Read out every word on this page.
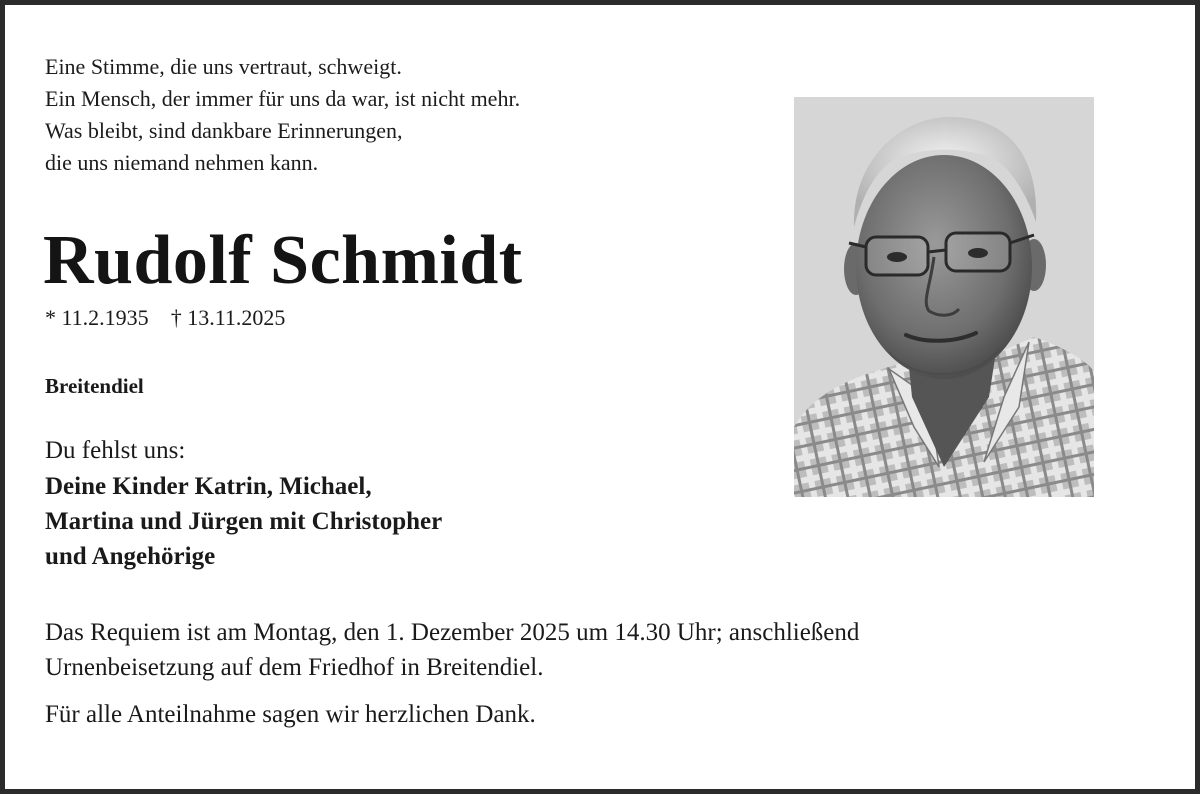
Eine Stimme, die uns vertraut, schweigt.
Ein Mensch, der immer für uns da war, ist nicht mehr.
Was bleibt, sind dankbare Erinnerungen,
die uns niemand nehmen kann.
Rudolf Schmidt
* 11.2.1935 † 13.11.2025
Breitendiel
Du fehlst uns:
Deine Kinder Katrin, Michael,
Martina und Jürgen mit Christopher
und Angehörige
Das Requiem ist am Montag, den 1. Dezember 2025 um 14.30 Uhr; anschließend
Urnenbeisetzung auf dem Friedhof in Breitendiel.
Für alle Anteilnahme sagen wir herzlichen Dank.
